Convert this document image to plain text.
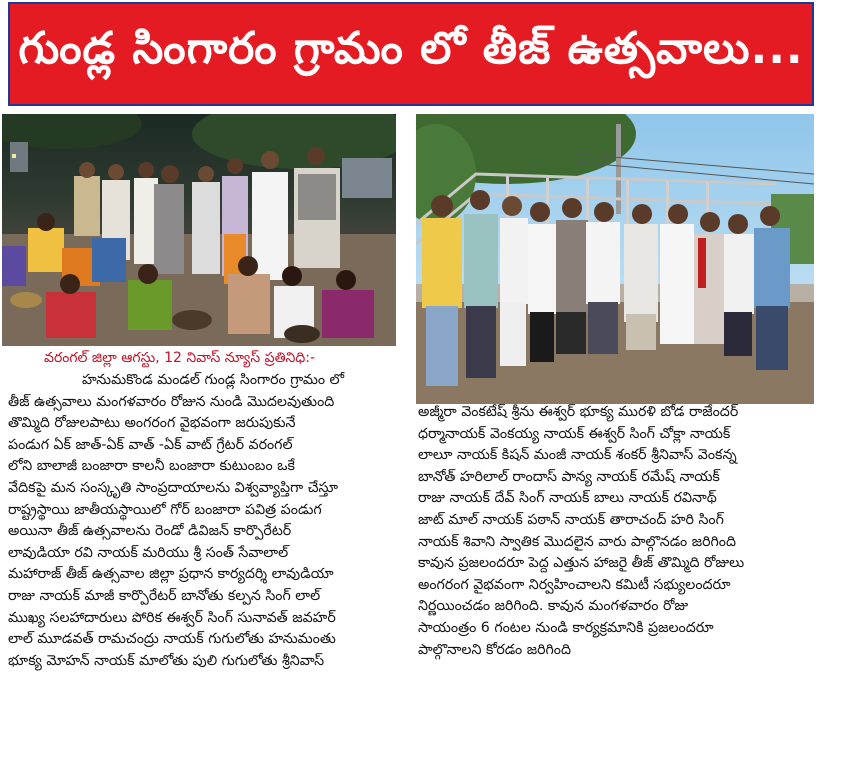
గుండ్ల సింగారం గ్రామం లో తీజ్ ఉత్సవాలు...
వరంగల్ జిల్లా ఆగస్టు, 12 నివాస్ న్యూస్ ప్రతినిధి:-

హనుమకొండ మండల్ గుండ్ల సింగారం గ్రామం లో

తీజ్ ఉత్సవాలు మంగళవారం రోజున నుండి మొదలవుతుంది

తొమ్మిది రోజులపాటు అంగరంగ వైభవంగా జరుపుకునే

పండుగ ఏక్ జాత్-ఏక్ వాత్ -ఏక్ వాట్ గ్రేటర్ వరంగల్

లోని బాలాజీ బంజారా కాలనీ బంజారా కుటుంబం ఒకే

వేదికపై మన సంస్కృతి సాంప్రదాయాలను విశ్వవ్యాప్తిగా చేస్తూ

రాష్ట్రస్థాయి జాతీయస్థాయిలో గోర్ బంజారా పవిత్ర పండుగ

అయినా తీజ్ ఉత్సవాలను రెండో డివిజన్ కార్పొరేటర్

లావుడియా రవి నాయక్ మరియు శ్రీ సంత్ సేవాలాల్

మహారాజ్ తీజ్ ఉత్సవాల జిల్లా ప్రధాన కార్యదర్శి లావుడియా

రాజు నాయక్ మాజీ కార్పొరేటర్ బానోతు కల్పన సింగ్ లాల్

ముఖ్య సలహాదారులు పోరిక ఈశ్వర్ సింగ్ సునావత్ జవహర్

లాల్ మూడవత్ రామచంద్రు నాయక్ గుగులోతు హనుమంతు

భూక్య మోహన్ నాయక్ మాలోతు పులి గుగులోతు శ్రీనివాస్

అజ్మీరా వెంకటేష్ శ్రీను ఈశ్వర్ భూక్య మురళి బోడ రాజేందర్

ధర్మానాయక్ వెంకయ్య నాయక్ ఈశ్వర్ సింగ్ చోక్లా నాయక్

లాలూ నాయక్ కిషన్ మంజీ నాయక్ శంకర్ శ్రీనివాస్ వెంకన్న

బానోత్ హరిలాల్ రాందాస్ పాన్య నాయక్ రమేష్ నాయక్

రాజు నాయక్ దేవ్ సింగ్ నాయక్ బాలు నాయక్ రవినాథ్

జాట్ మాల్ నాయక్ పఠాన్ నాయక్ తారాచంద్ హరి సింగ్

నాయక్ శివాని స్వాతిక మొదలైన వారు పాల్గొనడం జరిగింది

కావున ప్రజలందరూ పెద్ద ఎత్తున హాజరై తీజ్ తొమ్మిది రోజులు

అంగరంగ వైభవంగా నిర్వహించాలని కమిటీ సభ్యులందరూ

నిర్ణయించడం జరిగింది. కావున మంగళవారం రోజు

సాయంత్రం 6 గంటల నుండి కార్యక్రమానికి ప్రజలందరూ

పాల్గొనాలని కోరడం జరిగింది
